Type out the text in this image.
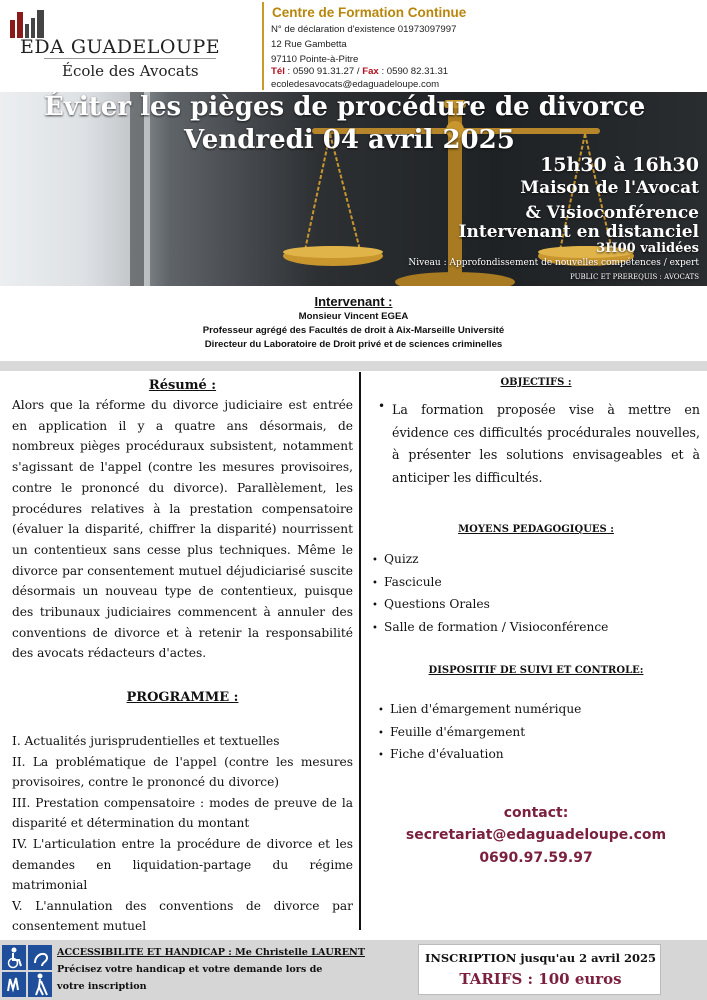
EDA GUADELOUPE
École des Avocats
Centre de Formation Continue
N° de déclaration d'existence 01973097997
12 Rue Gambetta
97110 Pointe-à-Pitre
Tél : 0590 91.31.27 / Fax : 0590 82.31.31
ecoledesavocats@edaguadeloupe.com
Éviter les pièges de procédure de divorce
Vendredi 04 avril 2025
15h30 à 16h30
Maison de l'Avocat
& Visioconférence
Intervenant en distanciel
3H00 validées
Niveau : Approfondissement de nouvelles compétences / expert
PUBLIC ET PREREQUIS : AVOCATS
Intervenant :
Monsieur Vincent EGEA
Professeur agrégé des Facultés de droit à Aix-Marseille Université
Directeur du Laboratoire de Droit privé et de sciences criminelles
Résumé :
Alors que la réforme du divorce judiciaire est entrée en application il y a quatre ans désormais, de nombreux pièges procéduraux subsistent, notamment s'agissant de l'appel (contre les mesures provisoires, contre le prononcé du divorce). Parallèlement, les procédures relatives à la prestation compensatoire (évaluer la disparité, chiffrer la disparité) nourrissent un contentieux sans cesse plus techniques. Même le divorce par consentement mutuel déjudiciarisé suscite désormais un nouveau type de contentieux, puisque des tribunaux judiciaires commencent à annuler des conventions de divorce et à retenir la responsabilité des avocats rédacteurs d'actes.
PROGRAMME :
I. Actualités jurisprudentielles et textuelles
II. La problématique de l'appel (contre les mesures provisoires, contre le prononcé du divorce)
III. Prestation compensatoire : modes de preuve de la disparité et détermination du montant
IV. L'articulation entre la procédure de divorce et les demandes en liquidation-partage du régime matrimonial
V. L'annulation des conventions de divorce par consentement mutuel
OBJECTIFS :
• La formation proposée vise à mettre en évidence ces difficultés procédurales nouvelles, à présenter les solutions envisageables et à anticiper les difficultés.
MOYENS PEDAGOGIQUES :
• Quizz
• Fascicule
• Questions Orales
• Salle de formation / Visioconférence
DISPOSITIF DE SUIVI ET CONTROLE:
• Lien d'émargement numérique
• Feuille d'émargement
• Fiche d'évaluation
contact:
secretariat@edaguadeloupe.com
0690.97.59.97
ACCESSIBILITE ET HANDICAP : Me Christelle LAURENT
Précisez votre handicap et votre demande lors de
votre inscription
INSCRIPTION jusqu'au 2 avril 2025
TARIFS : 100 euros
